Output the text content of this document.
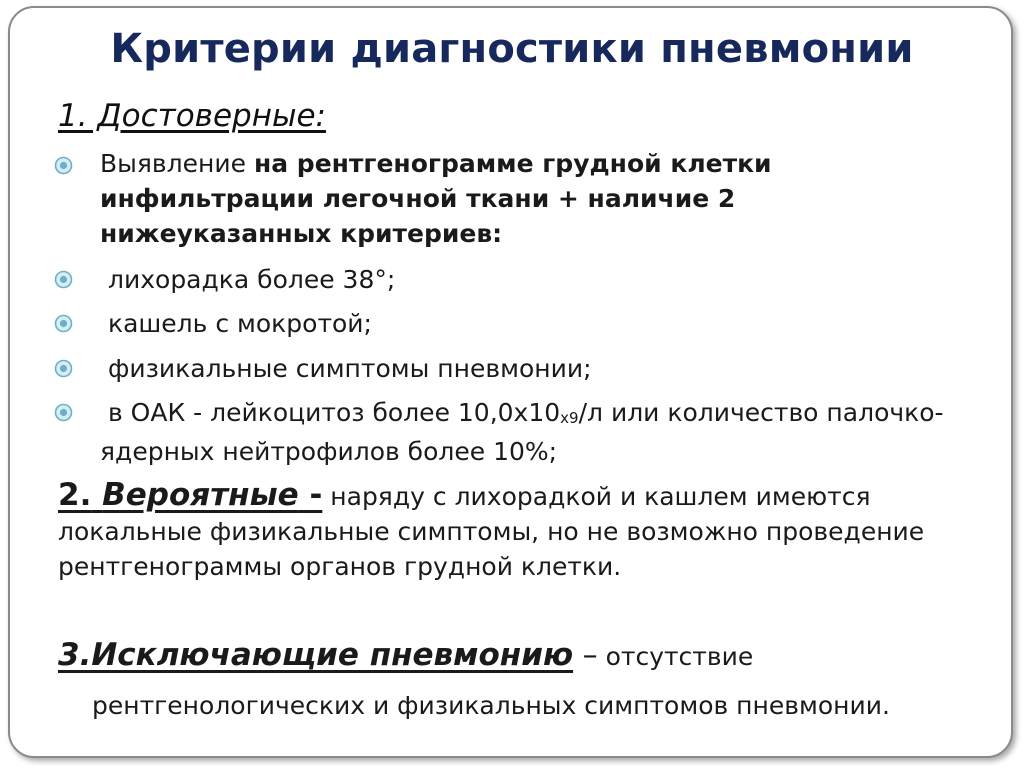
Критерии диагностики пневмонии
1. Достоверные:
Выявление на рентгенограмме грудной клетки инфильтрации легочной ткани + наличие 2 нижеуказанных критериев:
лихорадка более 38°;
кашель с мокротой;
физикальные симптомы пневмонии;
в ОАК - лейкоцитоз более $10,0х10_{х9}/л$ или количество палочко-ядерных нейтрофилов более 10%;
2. Вероятные - наряду с лихорадкой и кашлем имеются локальные физикальные симптомы, но не возможно проведение рентгенограммы органов грудной клетки.
3.Исключающие пневмонию – отсутствие
рентгенологических и физикальных симптомов пневмонии.
